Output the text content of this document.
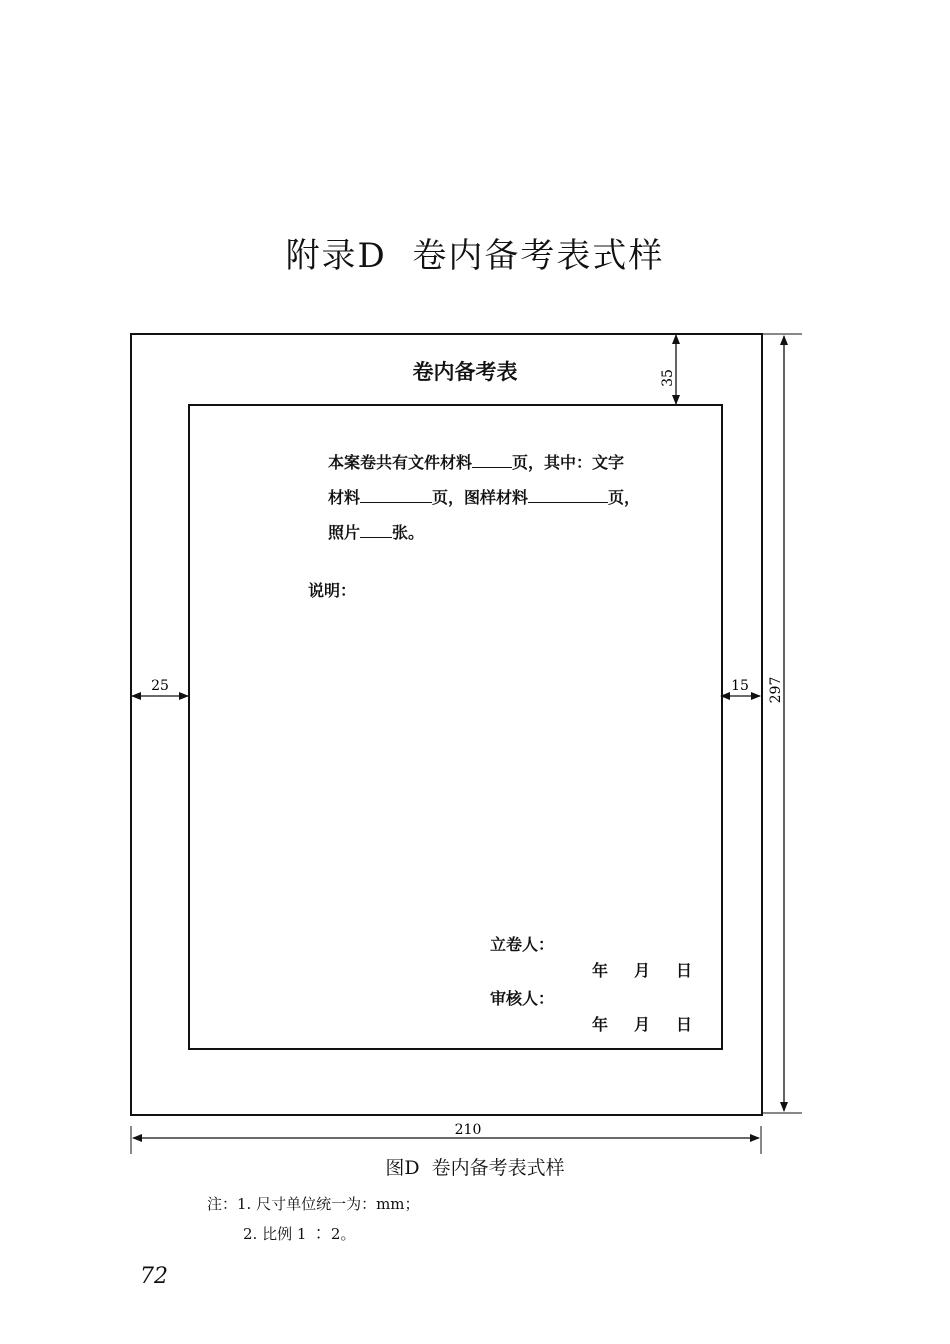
附录D  卷内备考表式样
卷内备考表
本案卷共有文件材料	页，其中：文字
材料	页，图样材料	页，
照片 张。
说明：
立卷人：
年 月 日
审核人：
年 月 日
35
25	15 297
210
图D  卷内备考表式样
注：1. 尺寸单位统一为：mm；
2. 比例 1 ∶ 2。
72
